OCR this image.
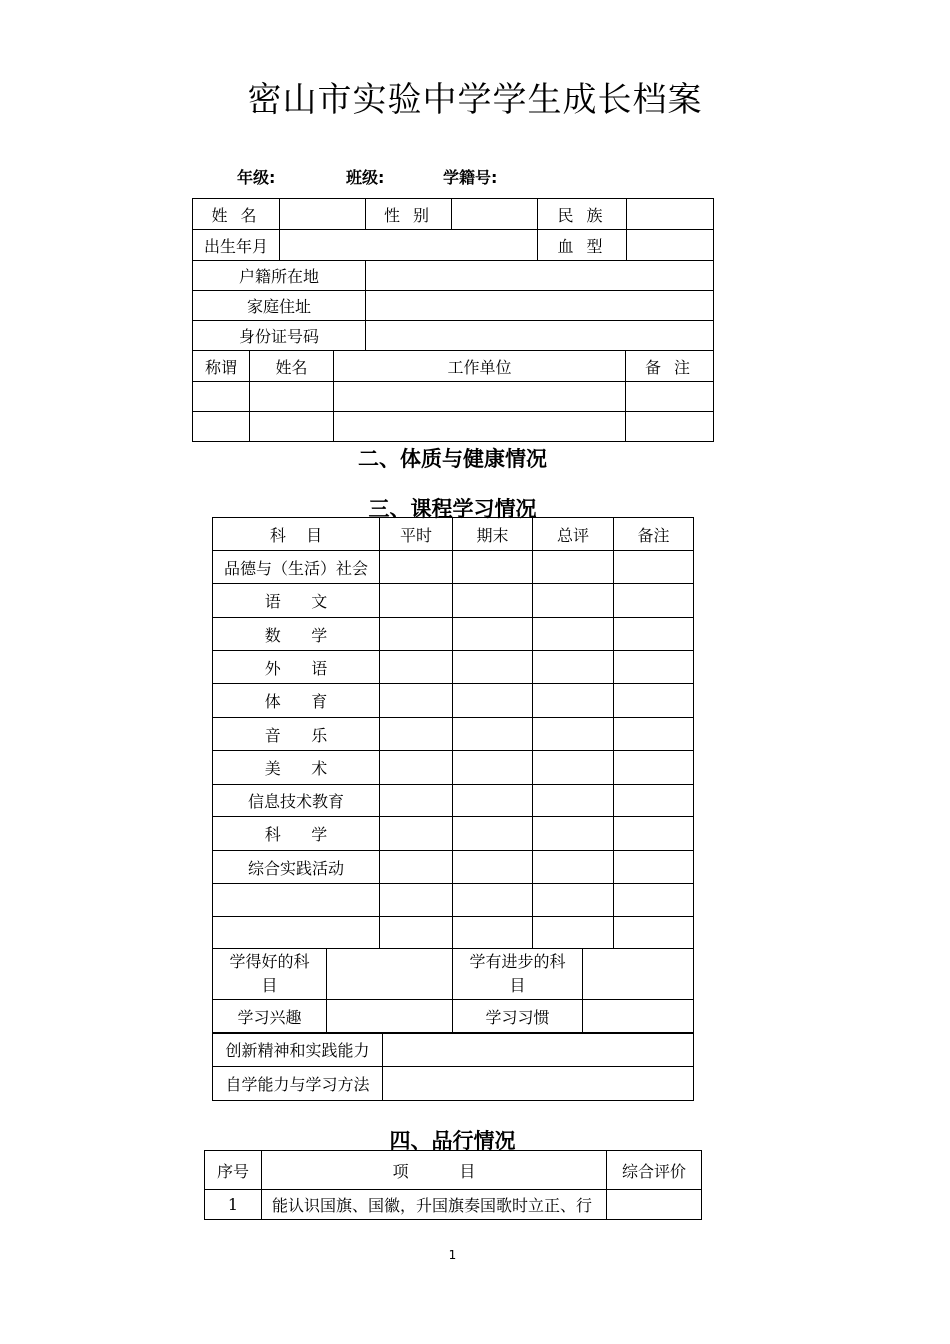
密山市实验中学学生成长档案
年级:	班级:	学籍号:
姓 名		性 别		民 族	
出生年月				血 型	
户籍所在地					
家庭住址					
身份证号码					
称谓	姓名	工作单位	备 注

二、体质与健康情况
三、课程学习情况
科    目	平时	期末	总评	备注
品德与（生活）社会				
语      文				
数      学				
外      语				
体      育				
音      乐				
美      术				
信息技术教育				
科      学				
综合实践活动				

学得好的科目		学有进步的科目	
学习兴趣		学习习惯	
创新精神和实践能力	
自学能力与学习方法	
四、品行情况
序号	项          目	综合评价
1	能认识国旗、国徽，升国旗奏国歌时立正、行	
1
